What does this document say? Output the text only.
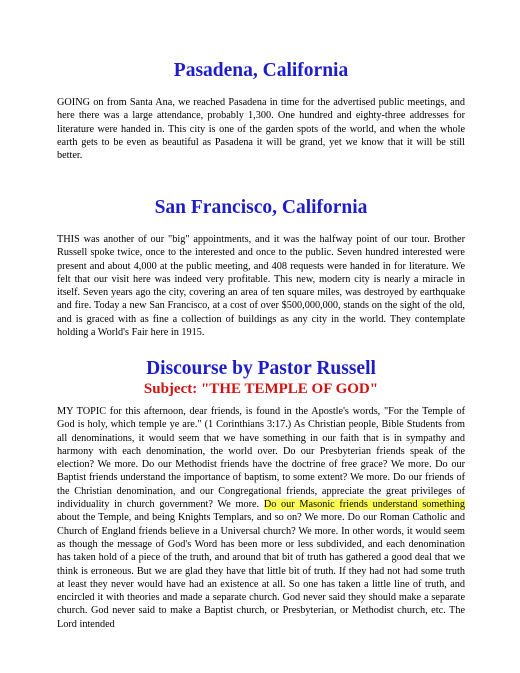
Pasadena, California

GOING on from Santa Ana, we reached Pasadena in time for the advertised public meetings, and here there was a large attendance, probably 1,300. One hundred and eighty-three addresses for literature were handed in. This city is one of the garden spots of the world, and when the whole earth gets to be even as beautiful as Pasadena it will be grand, yet we know that it will be still better.

San Francisco, California

THIS was another of our "big" appointments, and it was the halfway point of our tour. Brother Russell spoke twice, once to the interested and once to the public. Seven hundred interested were present and about 4,000 at the public meeting, and 408 requests were handed in for literature. We felt that our visit here was indeed very profitable. This new, modern city is nearly a miracle in itself. Seven years ago the city, covering an area of ten square miles, was destroyed by earthquake and fire. Today a new San Francisco, at a cost of over $500,000,000, stands on the sight of the old, and is graced with as fine a collection of buildings as any city in the world. They contemplate holding a World's Fair here in 1915.

Discourse by Pastor Russell
Subject: "THE TEMPLE OF GOD"

MY TOPIC for this afternoon, dear friends, is found in the Apostle's words, "For the Temple of God is holy, which temple ye are." (1 Corinthians 3:17.) As Christian people, Bible Students from all denominations, it would seem that we have something in our faith that is in sympathy and harmony with each denomination, the world over. Do our Presbyterian friends speak of the election? We more. Do our Methodist friends have the doctrine of free grace? We more. Do our Baptist friends understand the importance of baptism, to some extent? We more. Do our friends of the Christian denomination, and our Congregational friends, appreciate the great privileges of individuality in church government? We more. Do our Masonic friends understand something about the Temple, and being Knights Templars, and so on? We more. Do our Roman Catholic and Church of England friends believe in a Universal church? We more. In other words, it would seem as though the message of God's Word has been more or less subdivided, and each denomination has taken hold of a piece of the truth, and around that bit of truth has gathered a good deal that we think is erroneous. But we are glad they have that little bit of truth. If they had not had some truth at least they never would have had an existence at all. So one has taken a little line of truth, and encircled it with theories and made a separate church. God never said they should make a separate church. God never said to make a Baptist church, or Presbyterian, or Methodist church, etc. The Lord intended
